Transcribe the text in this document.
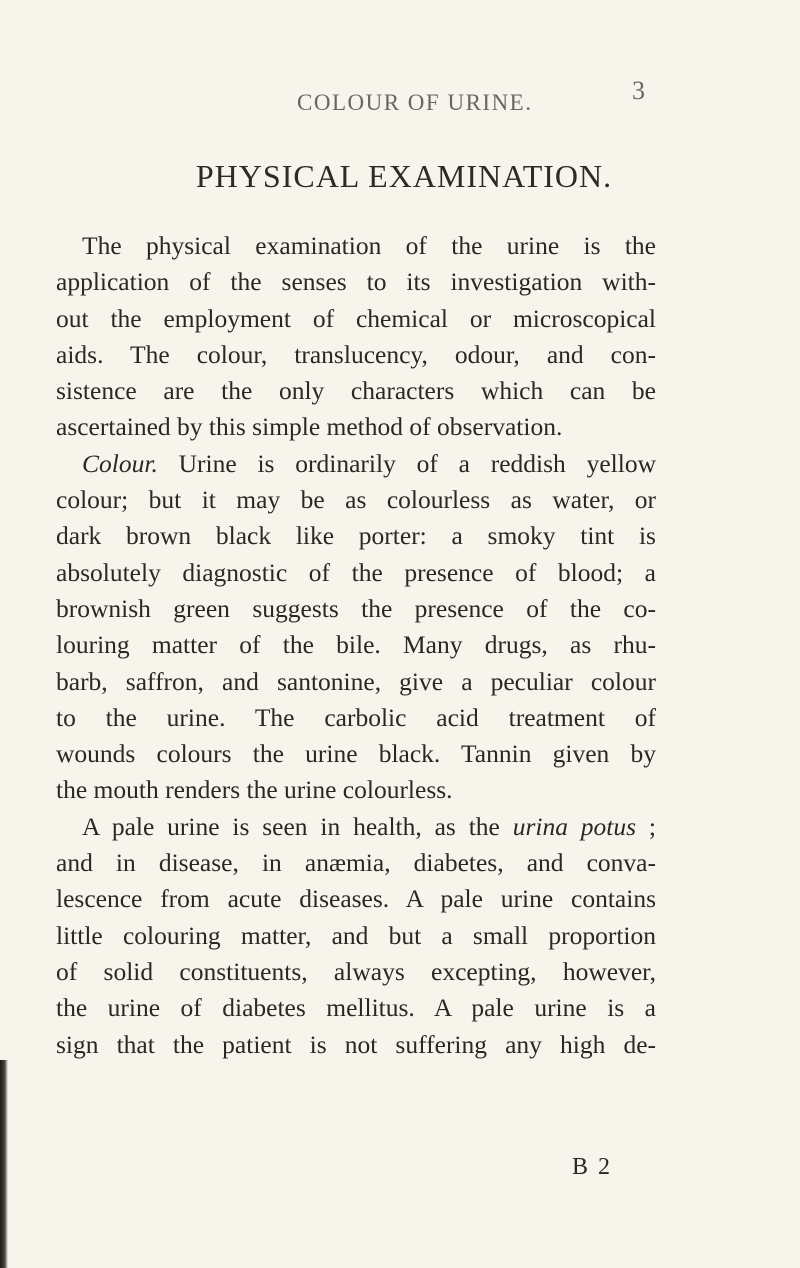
COLOUR OF URINE.	3
PHYSICAL EXAMINATION.
The physical examination of the urine is the
application of the senses to its investigation with-
out the employment of chemical or microscopical
aids. The colour, translucency, odour, and con-
sistence are the only characters which can be
ascertained by this simple method of observation.
Colour. Urine is ordinarily of a reddish yellow
colour; but it may be as colourless as water, or
dark brown black like porter: a smoky tint is
absolutely diagnostic of the presence of blood; a
brownish green suggests the presence of the co-
louring matter of the bile. Many drugs, as rhu-
barb, saffron, and santonine, give a peculiar colour
to the urine. The carbolic acid treatment of
wounds colours the urine black. Tannin given by
the mouth renders the urine colourless.
A pale urine is seen in health, as the urina potus ;
and in disease, in anæmia, diabetes, and conva-
lescence from acute diseases. A pale urine contains
little colouring matter, and but a small proportion
of solid constituents, always excepting, however,
the urine of diabetes mellitus. A pale urine is a
sign that the patient is not suffering any high de-
B 2
